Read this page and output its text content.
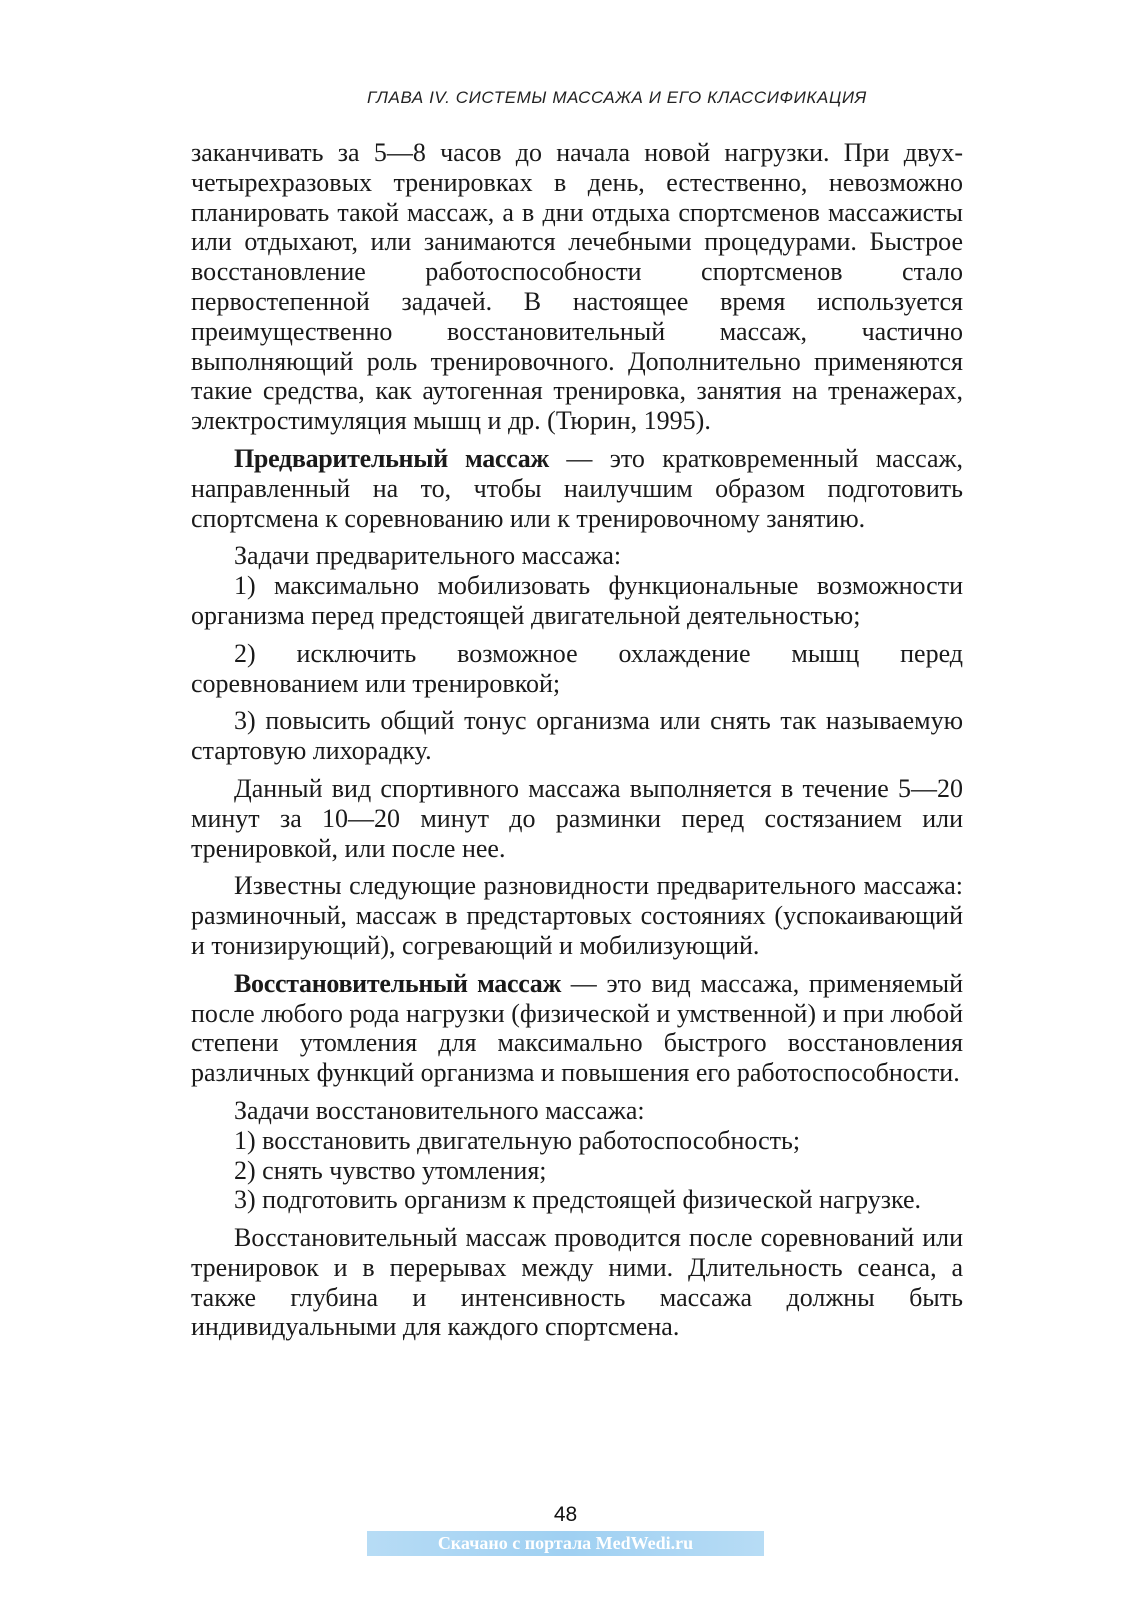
ГЛАВА IV. СИСТЕМЫ МАССАЖА И ЕГО КЛАССИФИКАЦИЯ

заканчивать за 5—8 часов до начала новой нагрузки. При двух-четырехразовых тренировках в день, естественно, невозможно планировать такой массаж, а в дни отдыха спортсменов массажисты или отдыхают, или занимаются лечебными процедурами. Быстрое восстановление работоспособности спортсменов стало первостепенной задачей. В настоящее время используется преимущественно восстановительный массаж, частично выполняющий роль тренировочного. Дополнительно применяются такие средства, как аутогенная тренировка, занятия на тренажерах, электростимуляция мышц и др. (Тюрин, 1995).

Предварительный массаж — это кратковременный массаж, направленный на то, чтобы наилучшим образом подготовить спортсмена к соревнованию или к тренировочному занятию.

Задачи предварительного массажа:

1) максимально мобилизовать функциональные возможности организма перед предстоящей двигательной деятельностью;

2) исключить возможное охлаждение мышц перед соревнованием или тренировкой;

3) повысить общий тонус организма или снять так называемую стартовую лихорадку.

Данный вид спортивного массажа выполняется в течение 5—20 минут за 10—20 минут до разминки перед состязанием или тренировкой, или после нее.

Известны следующие разновидности предварительного массажа: разминочный, массаж в предстартовых состояниях (успокаивающий и тонизирующий), согревающий и мобилизующий.

Восстановительный массаж — это вид массажа, применяемый после любого рода нагрузки (физической и умственной) и при любой степени утомления для максимально быстрого восстановления различных функций организма и повышения его работоспособности.

Задачи восстановительного массажа:

1) восстановить двигательную работоспособность;

2) снять чувство утомления;

3) подготовить организм к предстоящей физической нагрузке.

Восстановительный массаж проводится после соревнований или тренировок и в перерывах между ними. Длительность сеанса, а также глубина и интенсивность массажа должны быть индивидуальными для каждого спортсмена.

48
Скачано с портала MedWedi.ru
